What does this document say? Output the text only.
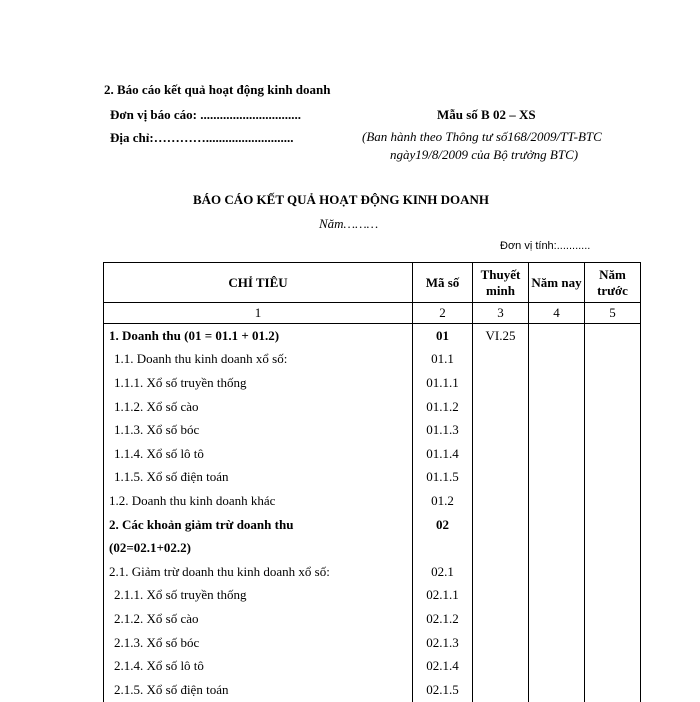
2. Báo cáo kết quả hoạt động kinh doanh
Đơn vị báo cáo: ...............................
Địa chỉ:…………...........................
Mẫu số B 02 – XS
(Ban hành theo Thông tư số168/2009/TT-BTC
ngày19/8/2009 của Bộ trưởng BTC)
BÁO CÁO KẾT QUẢ HOẠT ĐỘNG KINH DOANH
Năm………
Đơn vị tính:...........
CHỈ TIÊU	Mã số	Thuyết minh	Năm nay	Năm trước
1	2	3	4	5
1. Doanh thu (01 = 01.1 + 01.2)	01	VI.25		
1.1. Doanh thu kinh doanh xổ số:	01.1			
1.1.1. Xổ số truyền thống	01.1.1			
1.1.2. Xổ số cào	01.1.2			
1.1.3. Xổ số bóc	01.1.3			
1.1.4. Xổ số lô tô	01.1.4			
1.1.5. Xổ số điện toán	01.1.5			
1.2. Doanh thu kinh doanh khác	01.2			
2. Các khoản giảm trừ doanh thu	02			
(02=02.1+02.2)				
2.1. Giảm trừ doanh thu kinh doanh xổ số:	02.1			
2.1.1. Xổ số truyền thống	02.1.1			
2.1.2. Xổ số cào	02.1.2			
2.1.3. Xổ số bóc	02.1.3			
2.1.4. Xổ số lô tô	02.1.4			
2.1.5. Xổ số điện toán	02.1.5			
